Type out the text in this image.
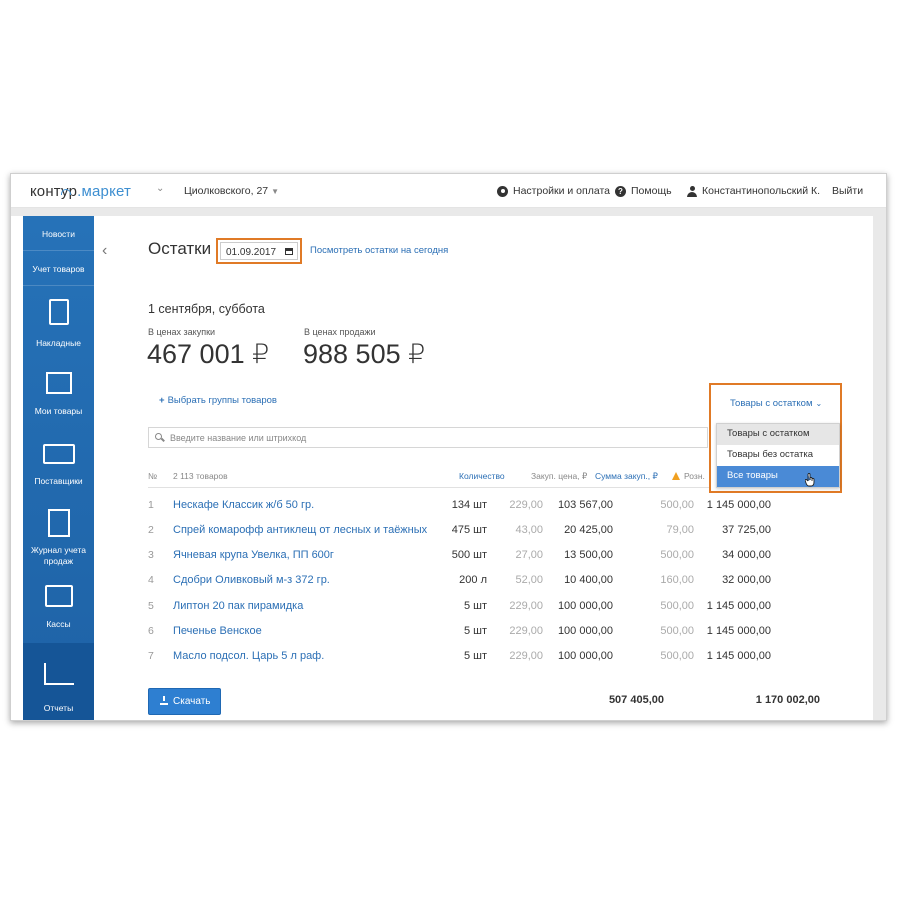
контур.маркет ⌄ Циолковского, 27 ▼	Настройки и оплата	? Помощь	Константинопольский К. Выйти
Новости
Учет товаров
Накладные
Мои товары
Поставщики
Журнал учета продаж
Кассы
Отчеты
‹ Остатки	01.09.2017	Посмотреть остатки на сегодня
1 сентября, суббота
В ценах закупки	В ценах продажи
467 001 ₽ 988 505 ₽
+ Выбрать группы товаров
Введите название или штрихкод
№ 2 113 товаров	Количество	Закуп. цена, ₽ Сумма закуп., ₽	Розн.
1 Нескафе Классик ж/б 50 гр.	134 шт 229,00 103 567,00	500,00 1 145 000,00
2 Спрей комарофф антиклещ от лесных и таёжных 475 шт	43,00 20 425,00	79,00	37 725,00
3 Ячневая крупа Увелка, ПП 600г	500 шт	27,00 13 500,00	500,00	34 000,00
4 Сдобри Оливковый м-з 372 гр.	200 л	52,00 10 400,00	160,00	32 000,00
5 Липтон 20 пак пирамидка	5 шт 229,00 100 000,00	500,00 1 145 000,00
6 Печенье Венское	5 шт 229,00 100 000,00	500,00 1 145 000,00
7 Масло подсол. Царь 5 л раф.	5 шт 229,00 100 000,00	500,00 1 145 000,00
Скачать	507 405,00	1 170 002,00
Товары с остатком ⌄
Товары с остатком
Товары без остатка
Все товары
